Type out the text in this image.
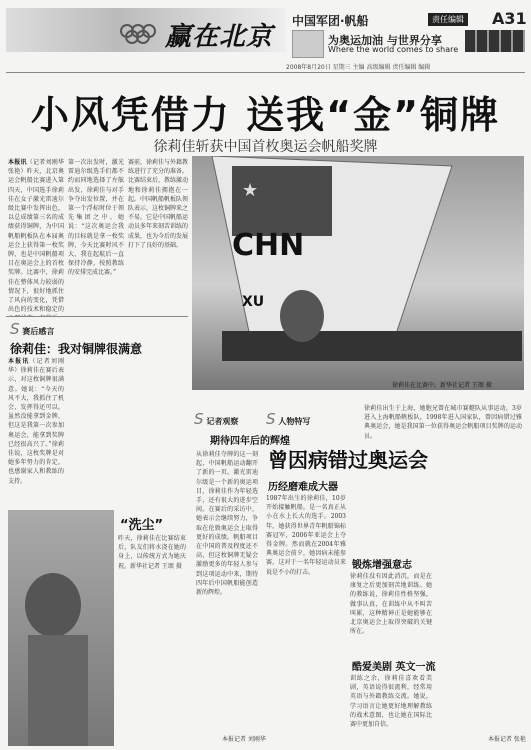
赢在北京
中国军团·帆船	责任编辑 A31
为奥运加油 与世界分享
Where the world comes to share
2008年8月20日 星期三 主编 高级编辑 责任编辑 编辑
小风凭借力 送我“金”铜牌
徐莉佳斩获中国首枚奥运会帆船奖牌
本报讯（记者刘刚华 张艳）昨天，北京奥运会帆船比赛进入第四天，中国选手徐莉佳在女子激光雷迪尔级比赛中发挥出色，以总成绩第三名的成绩获得铜牌，为中国帆船帆板队在本届奥运会上获得第一枚奖牌，也是中国帆船项目在奥运会上的首枚奖牌。比赛中，徐莉佳在整体风力较弱的情况下，很好地抓住了风向的变化，凭借出色的技术和稳定的
第一次出发时，激光雷迪尔级选手们都不约而同地选择了左舷出发，徐莉佳与对手争夺出发位置，并在第一个浮标时位于领先集团之中。她说：“这次奥运会我的目标就是拿一枚奖牌，今天比赛时风不大，我在起航后一直保持冷静，按照教练的安排完成比赛。”
赛前，徐莉佳与外籍教练进行了充分的准备。比赛结束后，教练激动地和徐莉佳拥抱在一起。中国帆船帆板队领队表示，这枚铜牌来之不易，它是中国帆船运动员多年来刻苦训练的成果，也为今后的发展打下了良好的基础。
★
CHN
XU
徐莉佳在比赛中。新华社记者 王颂 摄
S 赛后感言
徐莉佳：我对铜牌很满意
本报讯（记者刘刚华）徐莉佳在赛后表示，对这枚铜牌很满意。她说：“今天的风不大，我抓住了机会，发挥得还可以。虽然没能拿到金牌，但这是我第一次参加奥运会，能拿到奖牌已经很高兴了。”徐莉佳说，这枚奖牌是对她多年努力的肯定，也感谢家人和教练的支持。
“洗尘”
昨天，徐莉佳在比赛结束后，队友们将水浇在她的身上，以传统方式为她庆祝。新华社记者 王颂 摄
S 记者观察
期待四年后的辉煌
从徐莉佳夺牌的这一刻起，中国帆船运动翻开了新的一页。激光雷迪尔级是一个新的奥运项目，徐莉佳作为年轻选手，还有很大的进步空间。在赛后的采访中，她表示会继续努力，争取在伦敦奥运会上取得更好的成绩。帆船项目在中国的普及程度还不高，但这枚铜牌无疑会激励更多的年轻人参与到这项运动中来，期待四年后中国帆船能创造新的辉煌。
本报记者 刘刚华
S 人物特写
徐莉佳出生于上海，她胞兄曾在城市赛艇队从事运动，3岁进入上海帆船帆板队，1998年进入国家队，曾因病错过雅典奥运会，她是我国第一位获得奥运会帆船项目奖牌的运动员。
曾因病错过奥运会
历经磨难成大器
1987年出生的徐莉佳，10岁开始接触帆船，是一名真正从小在水上长大的选手。2003年，她获得世界青年帆船锦标赛冠军，2006年亚运会上夺得金牌。然而就在2004年雅典奥运会前夕，她因病未能参赛，这对于一名年轻运动员来说是不小的打击。
锻炼增强意志
徐莉佳没有因此消沉，而是在康复之后更加刻苦地训练。她的教练说，徐莉佳性格坚强，做事认真，在训练中从不叫苦叫累，这种精神正是她能够在北京奥运会上取得突破的关键所在。
酷爱美剧 英文一流
训练之余，徐莉佳喜欢看美剧，英语说得很流利，经常用英语与外籍教练交流。她说，学习语言让她更好地理解教练的战术意图，也让她在国际比赛中更加自信。
本报记者 张艳
